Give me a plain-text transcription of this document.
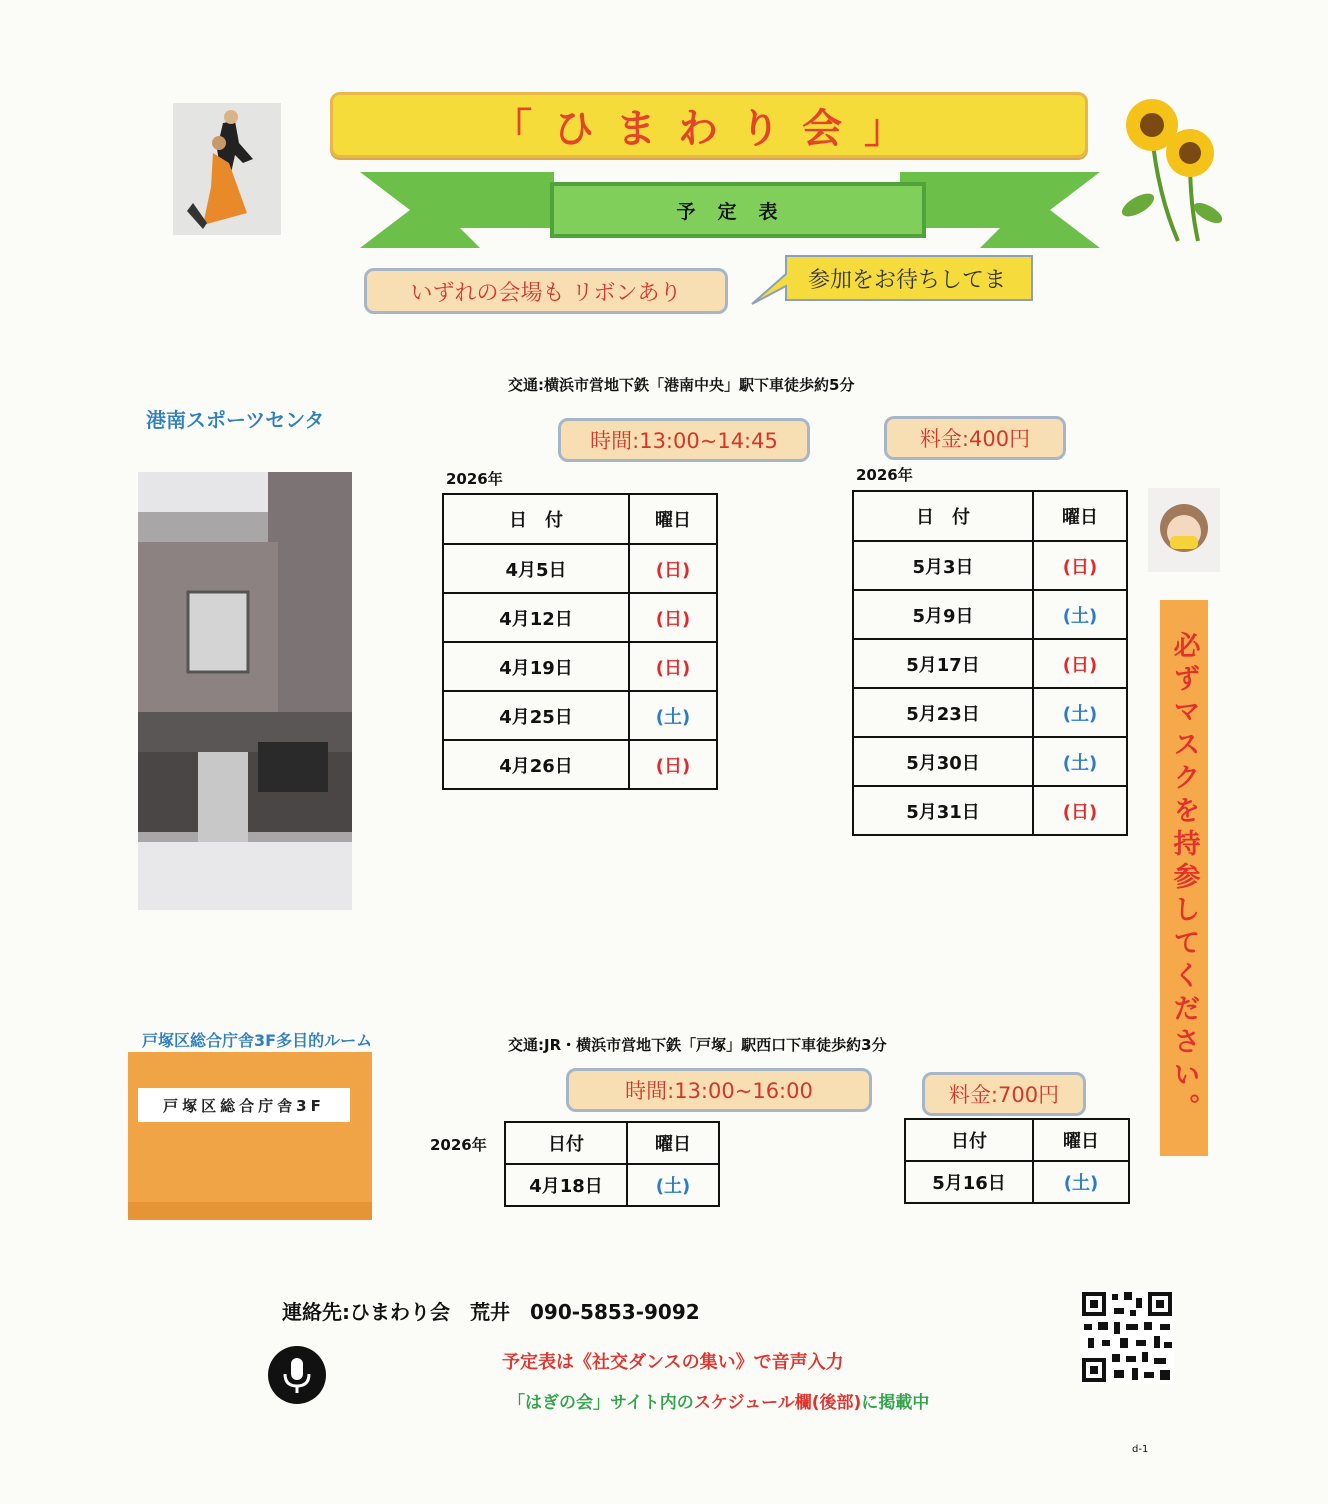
「ひまわり会」
予定表
いずれの会場も リボンあり
参加をお待ちしてま
港南スポーツセンタ
交通:横浜市営地下鉄「港南中央」駅下車徒歩約5分
時間:13:00~14:45	料金:400円
2026年
日　付	曜日
4月5日	(日)
4月12日	(日)
4月19日	(日)
4月25日	(土)
4月26日	(日)
2026年
日　付	曜日
5月3日	(日)
5月9日	(土)
5月17日	(日)
5月23日	(土)
5月30日	(土)
5月31日	(日)	必ずマスクを持参してください。
戸塚区総合庁舎3F多目的ルーム	交通:JR・横浜市営地下鉄「戸塚」駅西口下車徒歩約3分
戸塚区総合庁舎3F
時間:13:00~16:00	料金:700円
2026年	日付	曜日
4月18日	(土)
日付	曜日
5月16日	(土)
連絡先:ひまわり会　荒井　090-5853-9092
予定表は《社交ダンスの集い》で音声入力
「はぎの会」サイト内のスケジュール欄(後部)に掲載中
d-1
